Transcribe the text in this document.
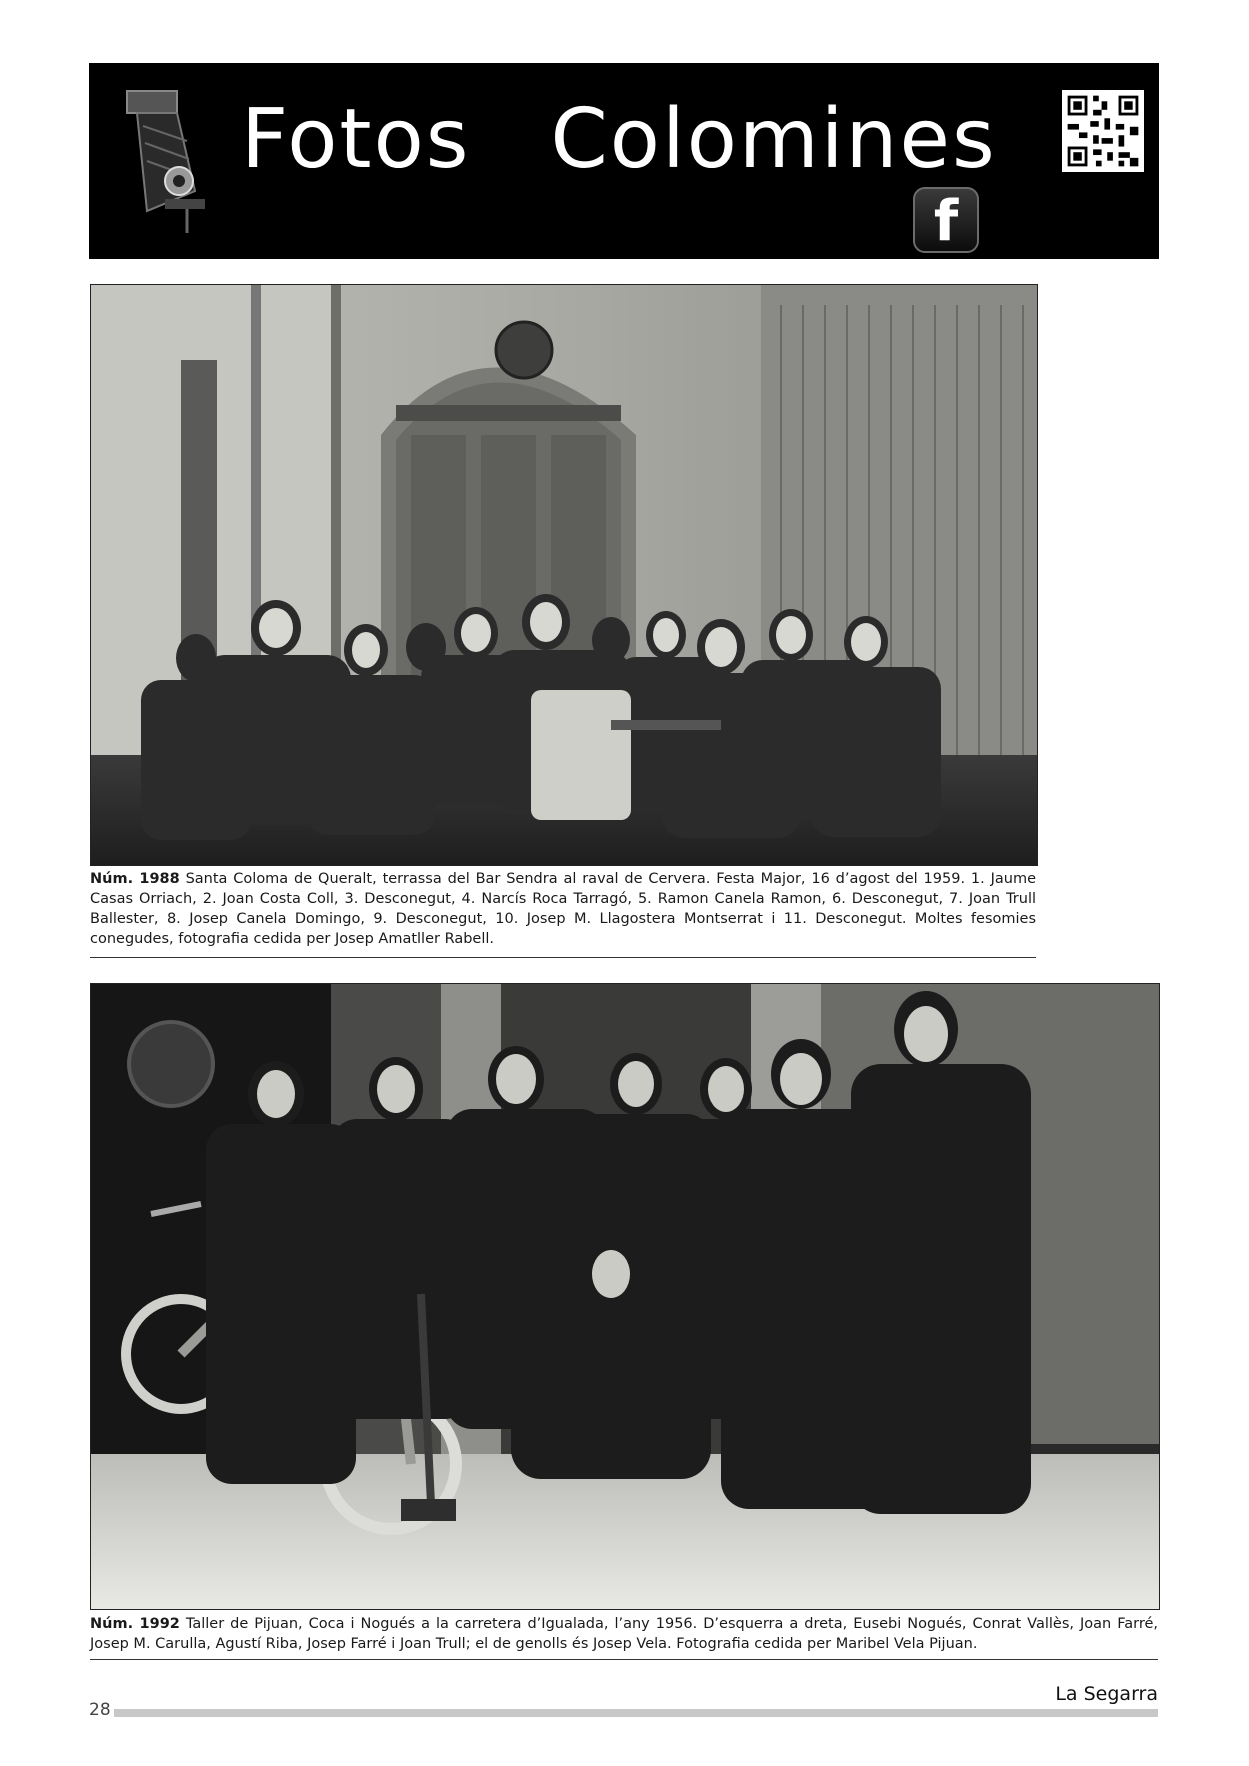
Fotos Colomines
f
Núm. 1988 Santa Coloma de Queralt, terrassa del Bar Sendra al raval de Cervera. Festa Major, 16 d’agost del 1959. 1. Jaume Casas Orriach, 2. Joan Costa Coll, 3. Desconegut, 4. Narcís Roca Tarragó, 5. Ramon Canela Ramon, 6. Desconegut, 7. Joan Trull Ballester, 8. Josep Canela Domingo, 9. Desconegut, 10. Josep M. Llagostera Montserrat i 11. Desconegut. Moltes fesomies conegudes, fotografia cedida per Josep Amatller Rabell.
Núm. 1992 Taller de Pijuan, Coca i Nogués a la carretera d’Igualada, l’any 1956. D’esquerra a dreta, Eusebi Nogués, Conrat Vallès, Joan Farré, Josep M. Carulla, Agustí Riba, Josep Farré i Joan Trull; el de genolls és Josep Vela. Fotografia cedida per Maribel Vela Pijuan.
28
La Segarra
